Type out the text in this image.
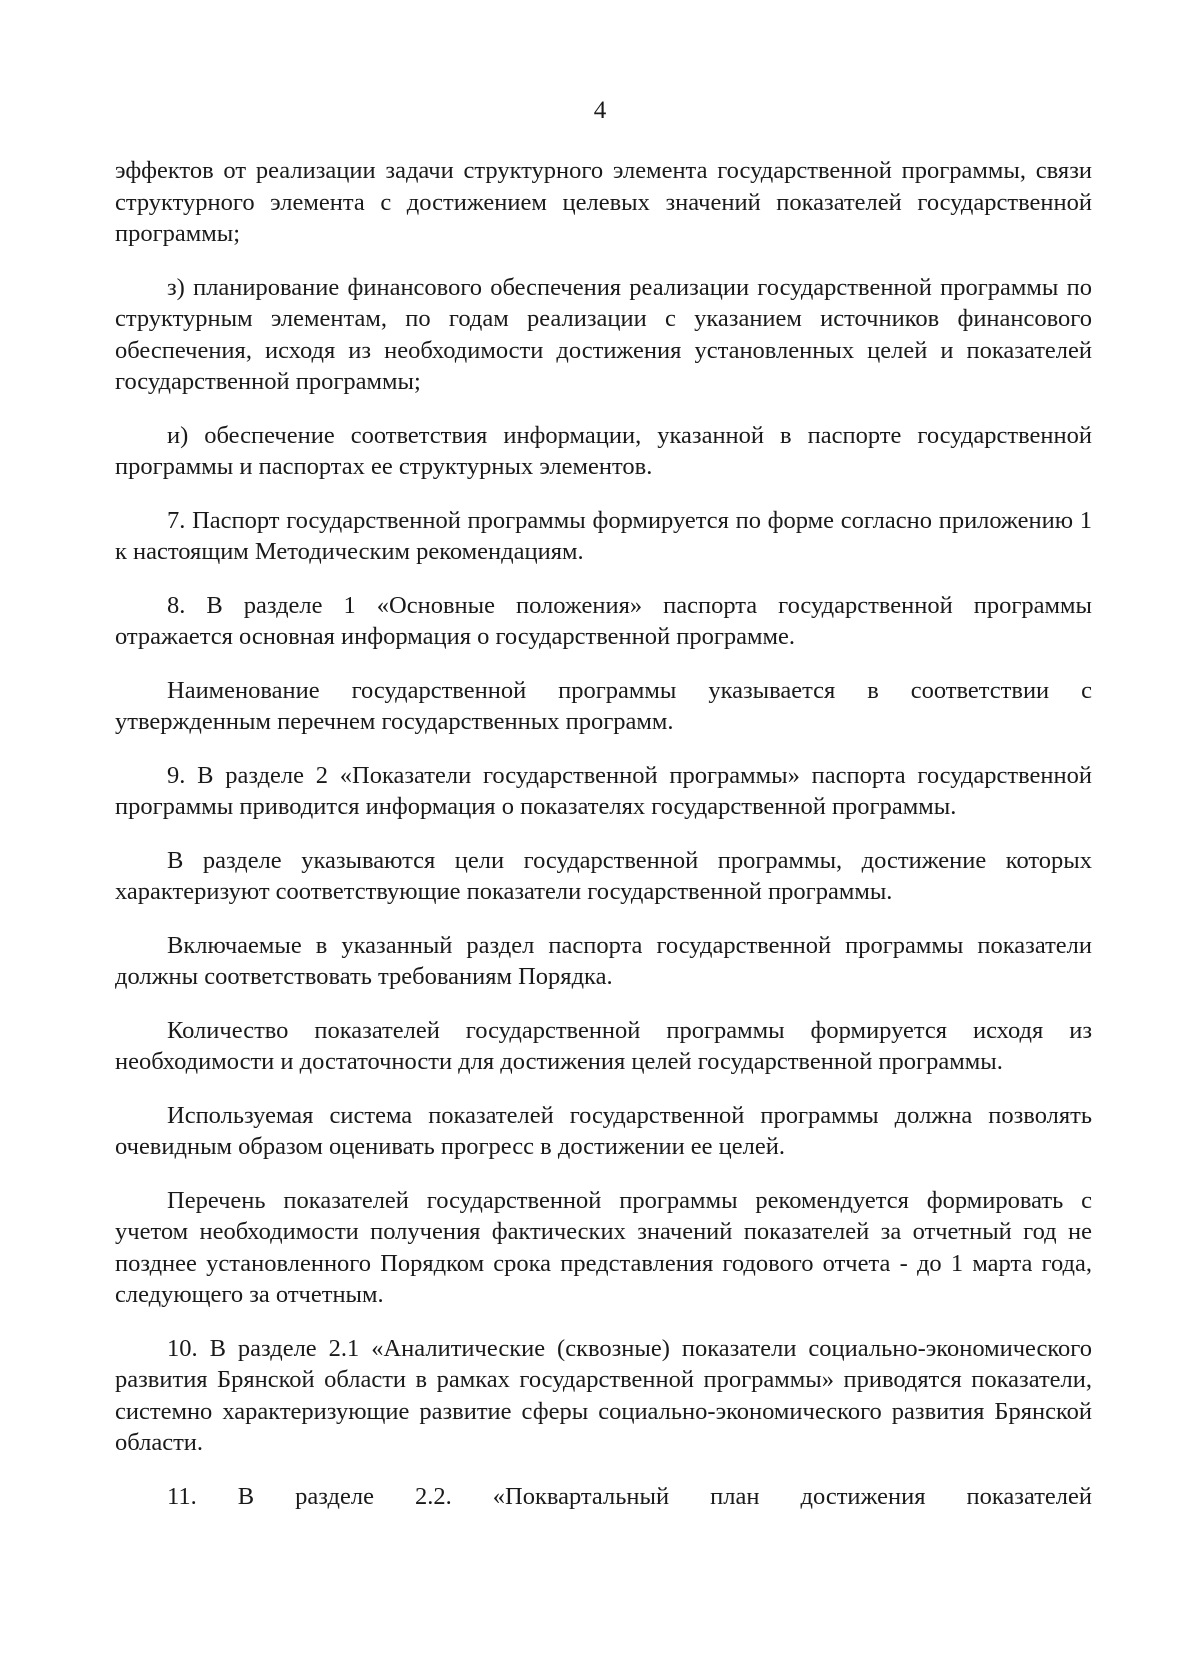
4

эффектов от реализации задачи структурного элемента государственной программы, связи структурного элемента с достижением целевых значений показателей государственной программы;

з) планирование финансового обеспечения реализации государственной программы по структурным элементам, по годам реализации с указанием источников финансового обеспечения, исходя из необходимости достижения установленных целей и показателей государственной программы;

и) обеспечение соответствия информации, указанной в паспорте государственной программы и паспортах ее структурных элементов.

7. Паспорт государственной программы формируется по форме согласно приложению 1 к настоящим Методическим рекомендациям.

8. В разделе 1 «Основные положения» паспорта государственной программы отражается основная информация о государственной программе.

Наименование государственной программы указывается в соответствии с утвержденным перечнем государственных программ.

9. В разделе 2 «Показатели государственной программы» паспорта государственной программы приводится информация о показателях государственной программы.

В разделе указываются цели государственной программы, достижение которых характеризуют соответствующие показатели государственной программы.

Включаемые в указанный раздел паспорта государственной программы показатели должны соответствовать требованиям Порядка.

Количество показателей государственной программы формируется исходя из необходимости и достаточности для достижения целей государственной программы.

Используемая система показателей государственной программы должна позволять очевидным образом оценивать прогресс в достижении ее целей.

Перечень показателей государственной программы рекомендуется формировать с учетом необходимости получения фактических значений показателей за отчетный год не позднее установленного Порядком срока представления годового отчета - до 1 марта года, следующего за отчетным.

10. В разделе 2.1 «Аналитические (сквозные) показатели социально-экономического развития Брянской области в рамках государственной программы» приводятся показатели, системно характеризующие развитие сферы социально-экономического развития Брянской области.

11. В разделе 2.2. «Поквартальный план достижения показателей
